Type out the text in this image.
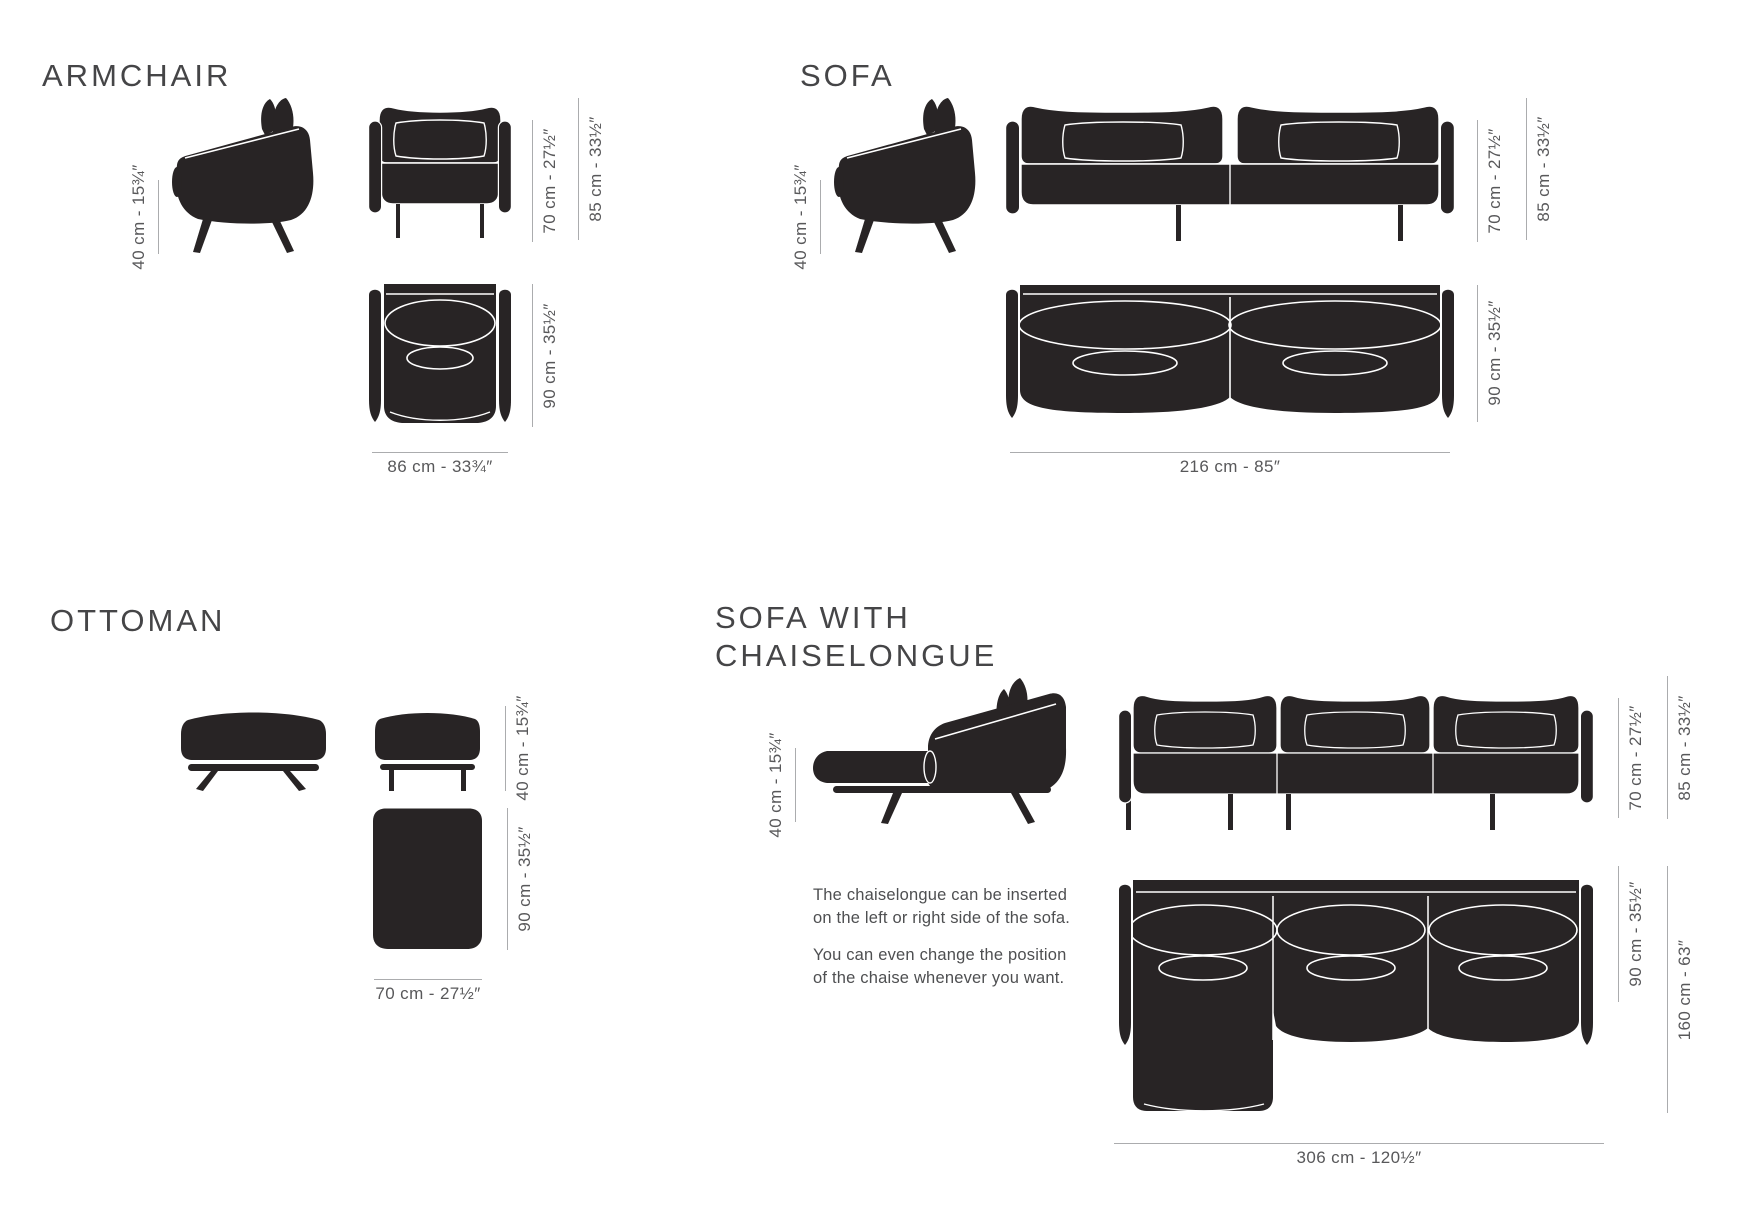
ARMCHAIR
40 cm - 15¾″	70 cm - 27½″ 85 cm - 33½″
90 cm - 35½″
86 cm - 33¾″
SOFA
40 cm - 15¾″	70 cm - 27½″ 85 cm - 33½″
90 cm - 35½″
216 cm - 85″
OTTOMAN
40 cm - 15¾″
90 cm - 35½″
70 cm - 27½″
SOFA WITH
CHAISELONGUE
40 cm - 15¾″
The chaiselongue can be inserted
on the left or right side of the sofa.
You can even change the position
of the chaise whenever you want.
70 cm - 27½″ 85 cm - 33½″
90 cm - 35½″
160 cm - 63″
306 cm - 120½″
